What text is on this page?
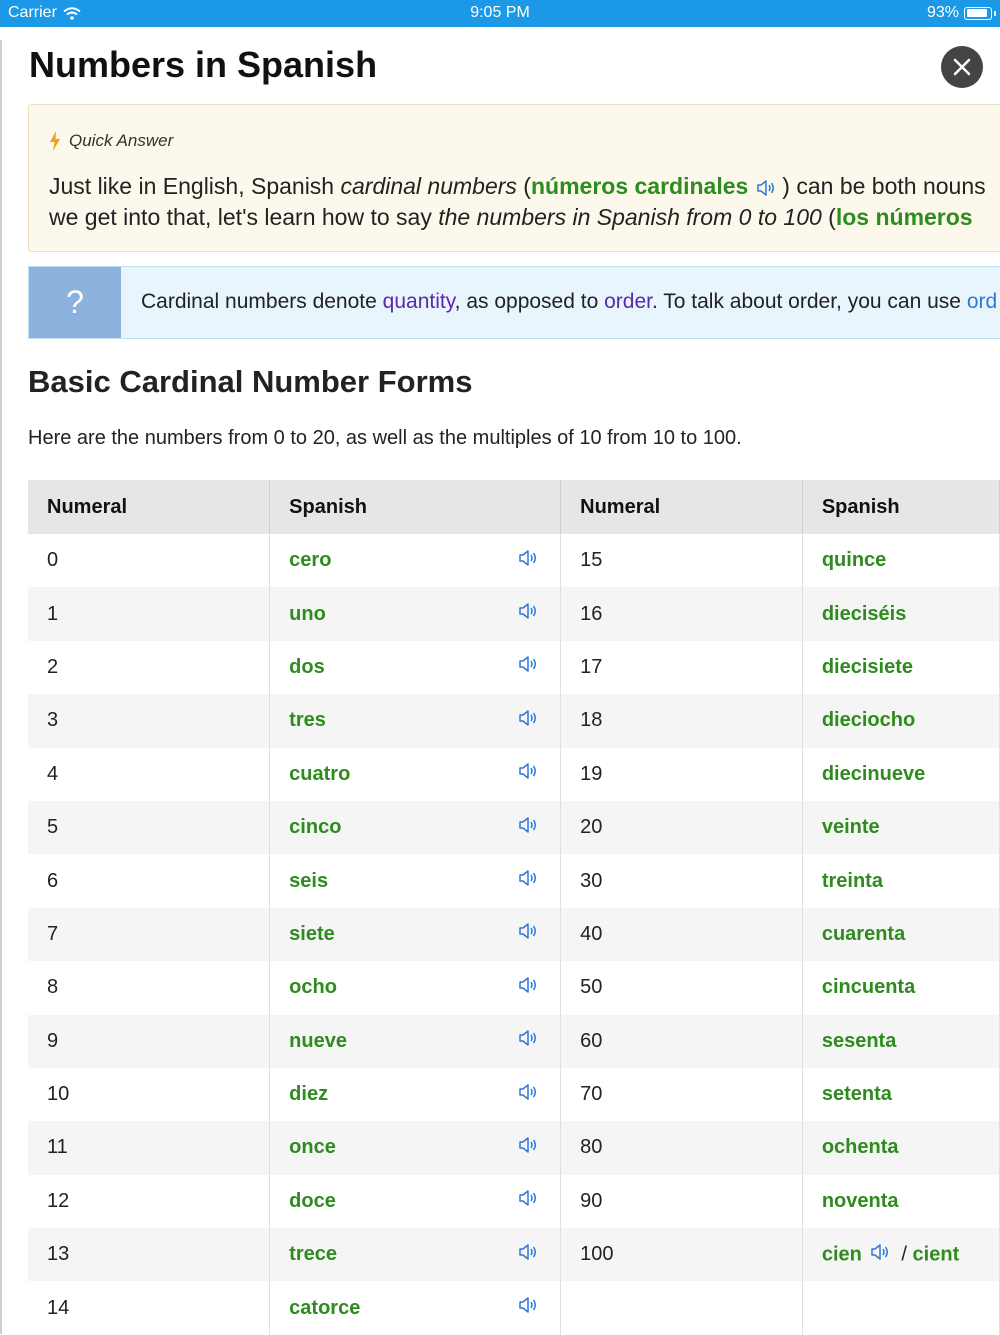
Carrier	9:05 PM	93%
Numbers in Spanish
Quick Answer
Just like in English, Spanish cardinal numbers (números cardinales ) can be both nouns
we get into that, let's learn how to say the numbers in Spanish from 0 to 100 (los números
?	Cardinal numbers denote quantity, as opposed to order. To talk about order, you can use ord
Basic Cardinal Number Forms

Here are the numbers from 0 to 20, as well as the multiples of 10 from 10 to 100.

Numeral	Spanish	Numeral	Spanish
0	cero	15	quince
1	uno	16	dieciséis
2	dos	17	diecisiete
3	tres	18	dieciocho
4	cuatro	19	diecinueve
5	cinco	20	veinte
6	seis	30	treinta
7	siete	40	cuarenta
8	ocho	50	cincuenta
9	nueve	60	sesenta
10	diez	70	setenta
11	once	80	ochenta
12	doce	90	noventa
13	trece	100	cien / cient
14	catorce
